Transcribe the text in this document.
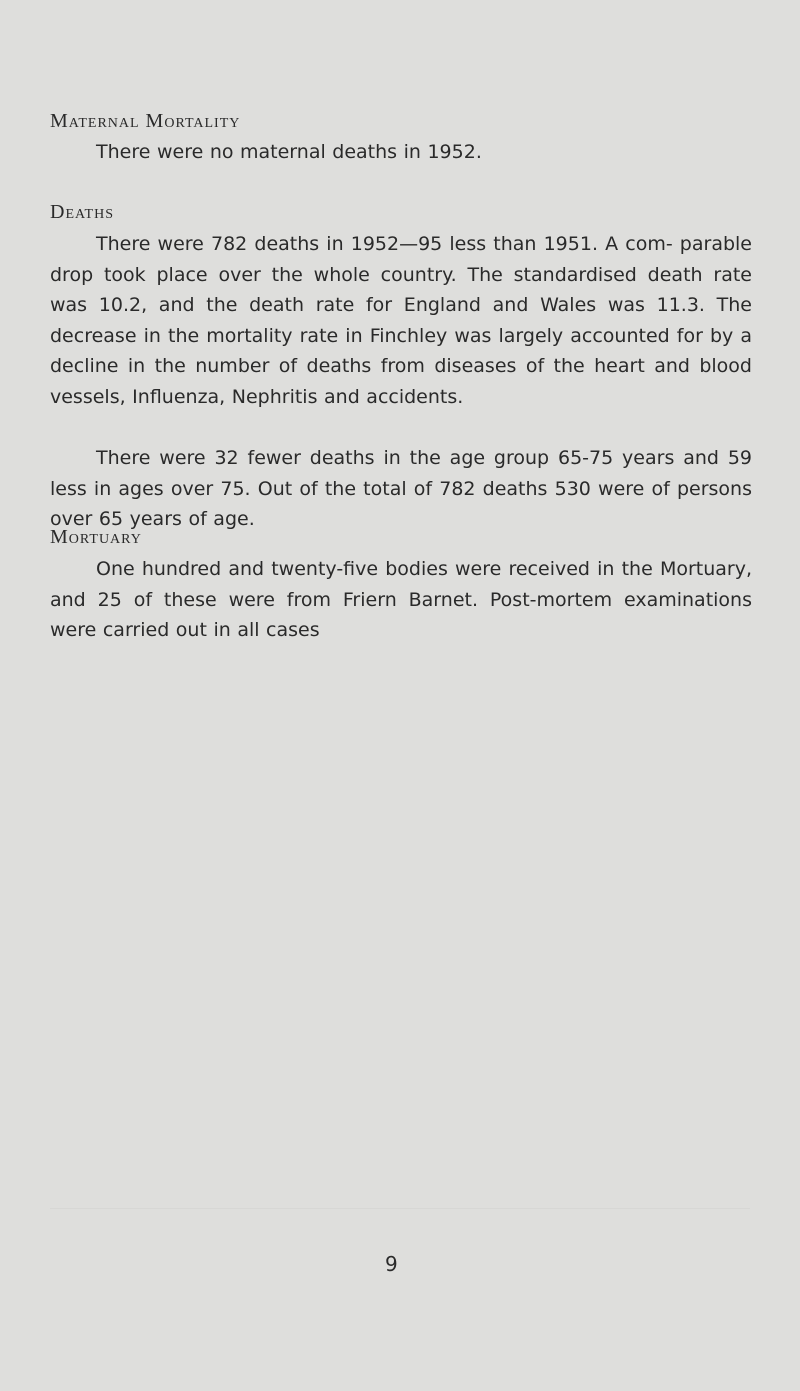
Maternal Mortality

There were no maternal deaths in 1952.

Deaths

There were 782 deaths in 1952—95 less than 1951. A com- parable drop took place over the whole country. The standardised death rate was 10.2, and the death rate for England and Wales was 11.3. The decrease in the mortality rate in Finchley was largely accounted for by a decline in the number of deaths from diseases of the heart and blood vessels, Influenza, Nephritis and accidents.

There were 32 fewer deaths in the age group 65-75 years and 59 less in ages over 75. Out of the total of 782 deaths 530 were of persons over 65 years of age.

Mortuary

One hundred and twenty-five bodies were received in the Mortuary, and 25 of these were from Friern Barnet. Post-mortem examinations were carried out in all cases

9
